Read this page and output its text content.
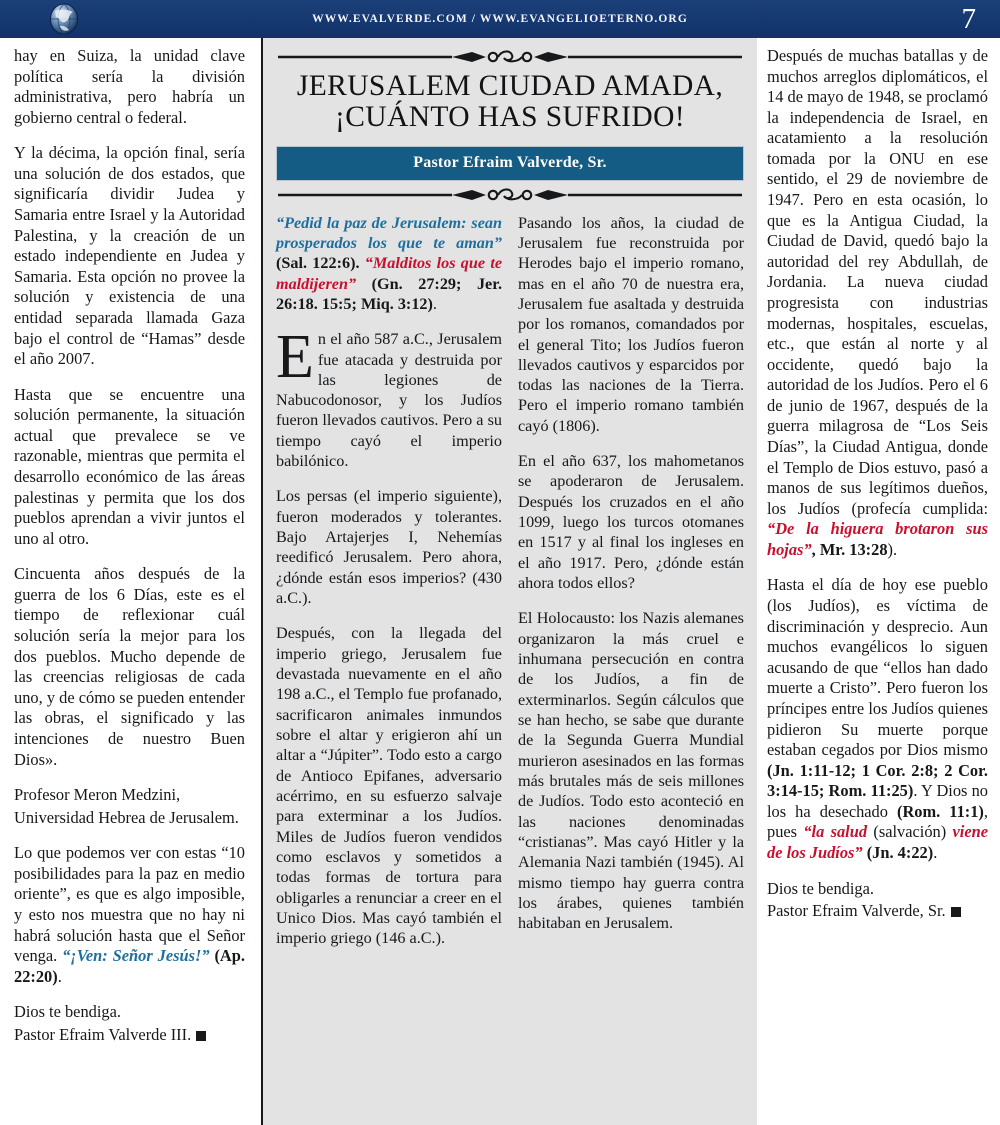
WWW.EVALVERDE.COM / WWW.EVANGELIOETERNO.ORG	7

hay en Suiza, la unidad clave política sería la división administrativa, pero habría un gobierno central o federal.

Y la décima, la opción final, sería una solución de dos estados, que significaría dividir Judea y Samaria entre Israel y la Autoridad Palestina, y la creación de un estado independiente en Judea y Samaria. Esta opción no provee la solución y existencia de una entidad separada llamada Gaza bajo el control de “Hamas” desde el año 2007.

Hasta que se encuentre una solución permanente, la situación actual que prevalece se ve razonable, mientras que permita el desarrollo económico de las áreas palestinas y permita que los dos pueblos aprendan a vivir juntos el uno al otro.

Cincuenta años después de la guerra de los 6 Días, este es el tiempo de reflexionar cuál solución sería la mejor para los dos pueblos. Mucho depende de las creencias religiosas de cada uno, y de cómo se pueden entender las obras, el significado y las intenciones de nuestro Buen Dios».

Profesor Meron Medzini,

Universidad Hebrea de Jerusalem.

Lo que podemos ver con estas “10 posibilidades para la paz en medio oriente”, es que es algo imposible, y esto nos muestra que no hay ni habrá solución hasta que el Señor venga. “¡Ven: Señor Jesús!” (Ap. 22:20).

Dios te bendiga.

Pastor Efraim Valverde III.

JERUSALEM CIUDAD AMADA,
¡CUÁNTO HAS SUFRIDO!
Pastor Efraim Valverde, Sr.

“Pedid la paz de Jerusalem: sean prosperados los que te aman” (Sal. 122:6). “Malditos los que te maldijeren” (Gn. 27:29; Jer. 26:18. 15:5; Miq. 3:12).

En el año 587 a.C., Jerusalem fue atacada y destruida por las legiones de Nabucodonosor, y los Judíos fueron llevados cautivos. Pero a su tiempo cayó el imperio babilónico.

Los persas (el imperio siguiente), fueron moderados y tolerantes. Bajo Artajerjes I, Nehemías reedificó Jerusalem. Pero ahora, ¿dónde están esos imperios? (430 a.C.).

Después, con la llegada del imperio griego, Jerusalem fue devastada nuevamente en el año 198 a.C., el Templo fue profanado, sacrificaron animales inmundos sobre el altar y erigieron ahí un altar a “Júpiter”. Todo esto a cargo de Antioco Epifanes, adversario acérrimo, en su esfuerzo salvaje para exterminar a los Judíos. Miles de Judíos fueron vendidos como esclavos y sometidos a todas formas de tortura para obligarles a renunciar a creer en el Unico Dios. Mas cayó también el imperio griego (146 a.C.).

Pasando los años, la ciudad de Jerusalem fue reconstruida por Herodes bajo el imperio romano, mas en el año 70 de nuestra era, Jerusalem fue asaltada y destruida por los romanos, comandados por el general Tito; los Judíos fueron llevados cautivos y esparcidos por todas las naciones de la Tierra. Pero el imperio romano también cayó (1806).

En el año 637, los mahometanos se apoderaron de Jerusalem. Después los cruzados en el año 1099, luego los turcos otomanes en 1517 y al final los ingleses en el año 1917. Pero, ¿dónde están ahora todos ellos?

El Holocausto: los Nazis alemanes organizaron la más cruel e inhumana persecución en contra de los Judíos, a fin de exterminarlos. Según cálculos que se han hecho, se sabe que durante de la Segunda Guerra Mundial murieron asesinados en las formas más brutales más de seis millones de Judíos. Todo esto aconteció en las naciones denominadas “cristianas”. Mas cayó Hitler y la Alemania Nazi también (1945). Al mismo tiempo hay guerra contra los árabes, quienes también habitaban en Jerusalem.

Después de muchas batallas y de muchos arreglos diplomáticos, el 14 de mayo de 1948, se proclamó la independencia de Israel, en acatamiento a la resolución tomada por la ONU en ese sentido, el 29 de noviembre de 1947. Pero en esta ocasión, lo que es la Antigua Ciudad, la Ciudad de David, quedó bajo la autoridad del rey Abdullah, de Jordania. La nueva ciudad progresista con industrias modernas, hospitales, escuelas, etc., que están al norte y al occidente, quedó bajo la autoridad de los Judíos. Pero el 6 de junio de 1967, después de la guerra milagrosa de “Los Seis Días”, la Ciudad Antigua, donde el Templo de Dios estuvo, pasó a manos de sus legítimos dueños, los Judíos (profecía cumplida: “De la higuera brotaron sus hojas”, Mr. 13:28).

Hasta el día de hoy ese pueblo (los Judíos), es víctima de discriminación y desprecio. Aun muchos evangélicos lo siguen acusando de que “ellos han dado muerte a Cristo”. Pero fueron los príncipes entre los Judíos quienes pidieron Su muerte porque estaban cegados por Dios mismo (Jn. 1:11-12; 1 Cor. 2:8; 2 Cor. 3:14-15; Rom. 11:25). Y Dios no los ha desechado (Rom. 11:1), pues “la salud (salvación) viene de los Judíos” (Jn. 4:22).

Dios te bendiga.

Pastor Efraim Valverde, Sr.
